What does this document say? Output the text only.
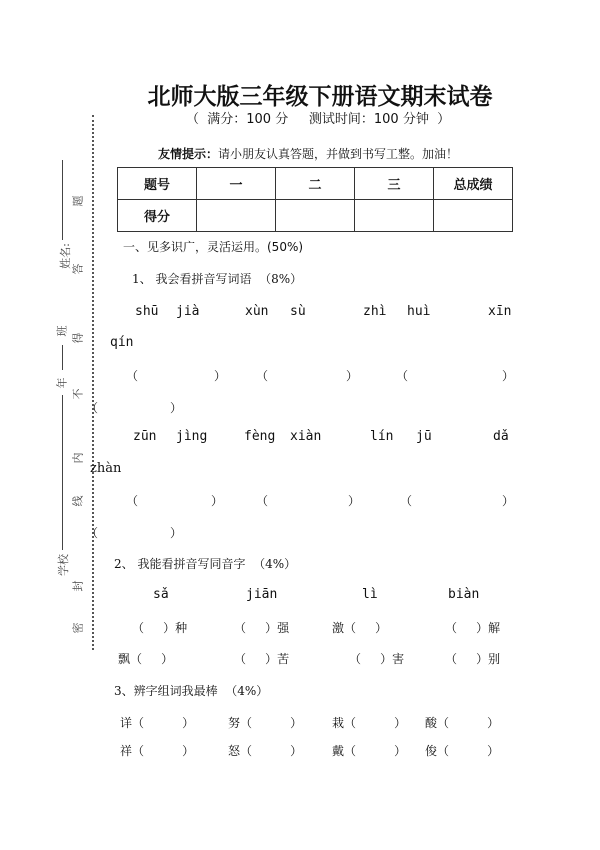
姓名:
班
年
学校
题
答
得
不
内
线
封
密
北师大版三年级下册语文期末试卷
（  满分：100 分     测试时间：100 分钟  ）
友情提示：请小朋友认真答题，并做到书写工整。加油！
题号	一	二	三	总成绩
得分				
一、见多识广，灵活运用。(50%)
1、 我会看拼音写词语  （8%）
shū jià	xùn sù	zhì huì	xīn
qín
（	） （	）	（	）
（	）
zūn jìng	fèng xiàn	lín jū	dǎ
zhàn
（	）	（	）	（	）
（	）
2、 我能看拼音写同音字  （4%）
sǎ	jiān	lì	biàn
（     ）种	（     ）强	激（     ）	（     ）解
飘（     ）	（     ）苦	（     ）害	（     ）别
3、辨字组词我最棒  （4%）
详（          ）	努（          ） 栽（          ） 酸（          ）
祥（          ）	怒（          ） 戴（          ） 俊（          ）
